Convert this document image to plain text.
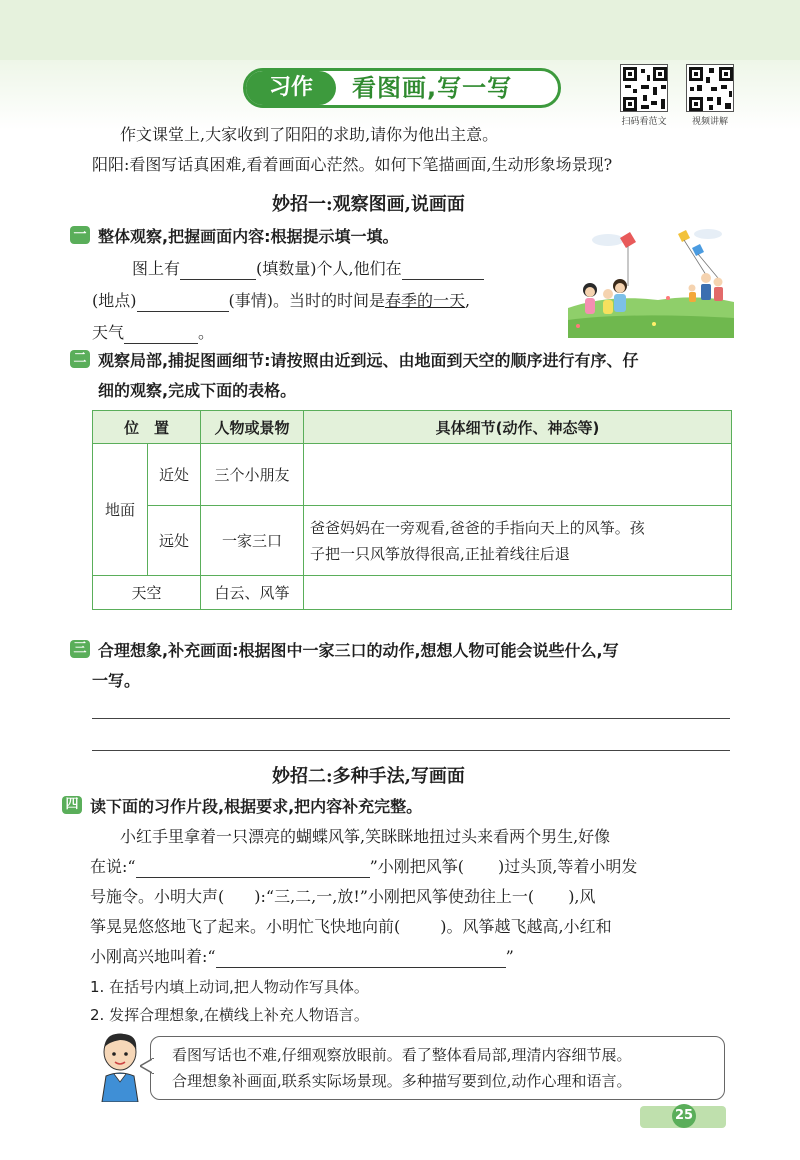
习作	看图画,写一写
扫码看范文	视频讲解
作文课堂上,大家收到了阳阳的求助,请你为他出主意。
阳阳:看图写话真困难,看着画面心茫然。如何下笔描画面,生动形象场景现?
妙招一:观察图画,说画面
一 整体观察,把握画面内容:根据提示填一填。
图上有	(填数量)个人,他们在
(地点)	(事情)。当时的时间是春季的一天,
天气	。
二 观察局部,捕捉图画细节:请按照由近到远、由地面到天空的顺序进行有序、仔
细的观察,完成下面的表格。
位　置		人物或景物	具体细节(动作、神态等)
地面	近处	三个小朋友	
	远处	一家三口	爸爸妈妈在一旁观看,爸爸的手指向天上的风筝。孩
子把一只风筝放得很高,正扯着线往后退

天空		白云、风筝	
三 合理想象,补充画面:根据图中一家三口的动作,想想人物可能会说些什么,写
一写。
妙招二:多种手法,写画面
四 读下面的习作片段,根据要求,把内容补充完整。
小红手里拿着一只漂亮的蝴蝶风筝,笑眯眯地扭过头来看两个男生,好像
在说:“	”小刚把风筝( )过头顶,等着小明发
号施令。小明大声( ):“三,二,一,放!”小刚把风筝使劲往上一( ),风
筝晃晃悠悠地飞了起来。小明忙飞快地向前(	)。风筝越飞越高,小红和
小刚高兴地叫着:“	”
1. 在括号内填上动词,把人物动作写具体。
2. 发挥合理想象,在横线上补充人物语言。
看图写话也不难,仔细观察放眼前。看了整体看局部,理清内容细节展。
合理想象补画面,联系实际场景现。多种描写要到位,动作心理和语言。
25
